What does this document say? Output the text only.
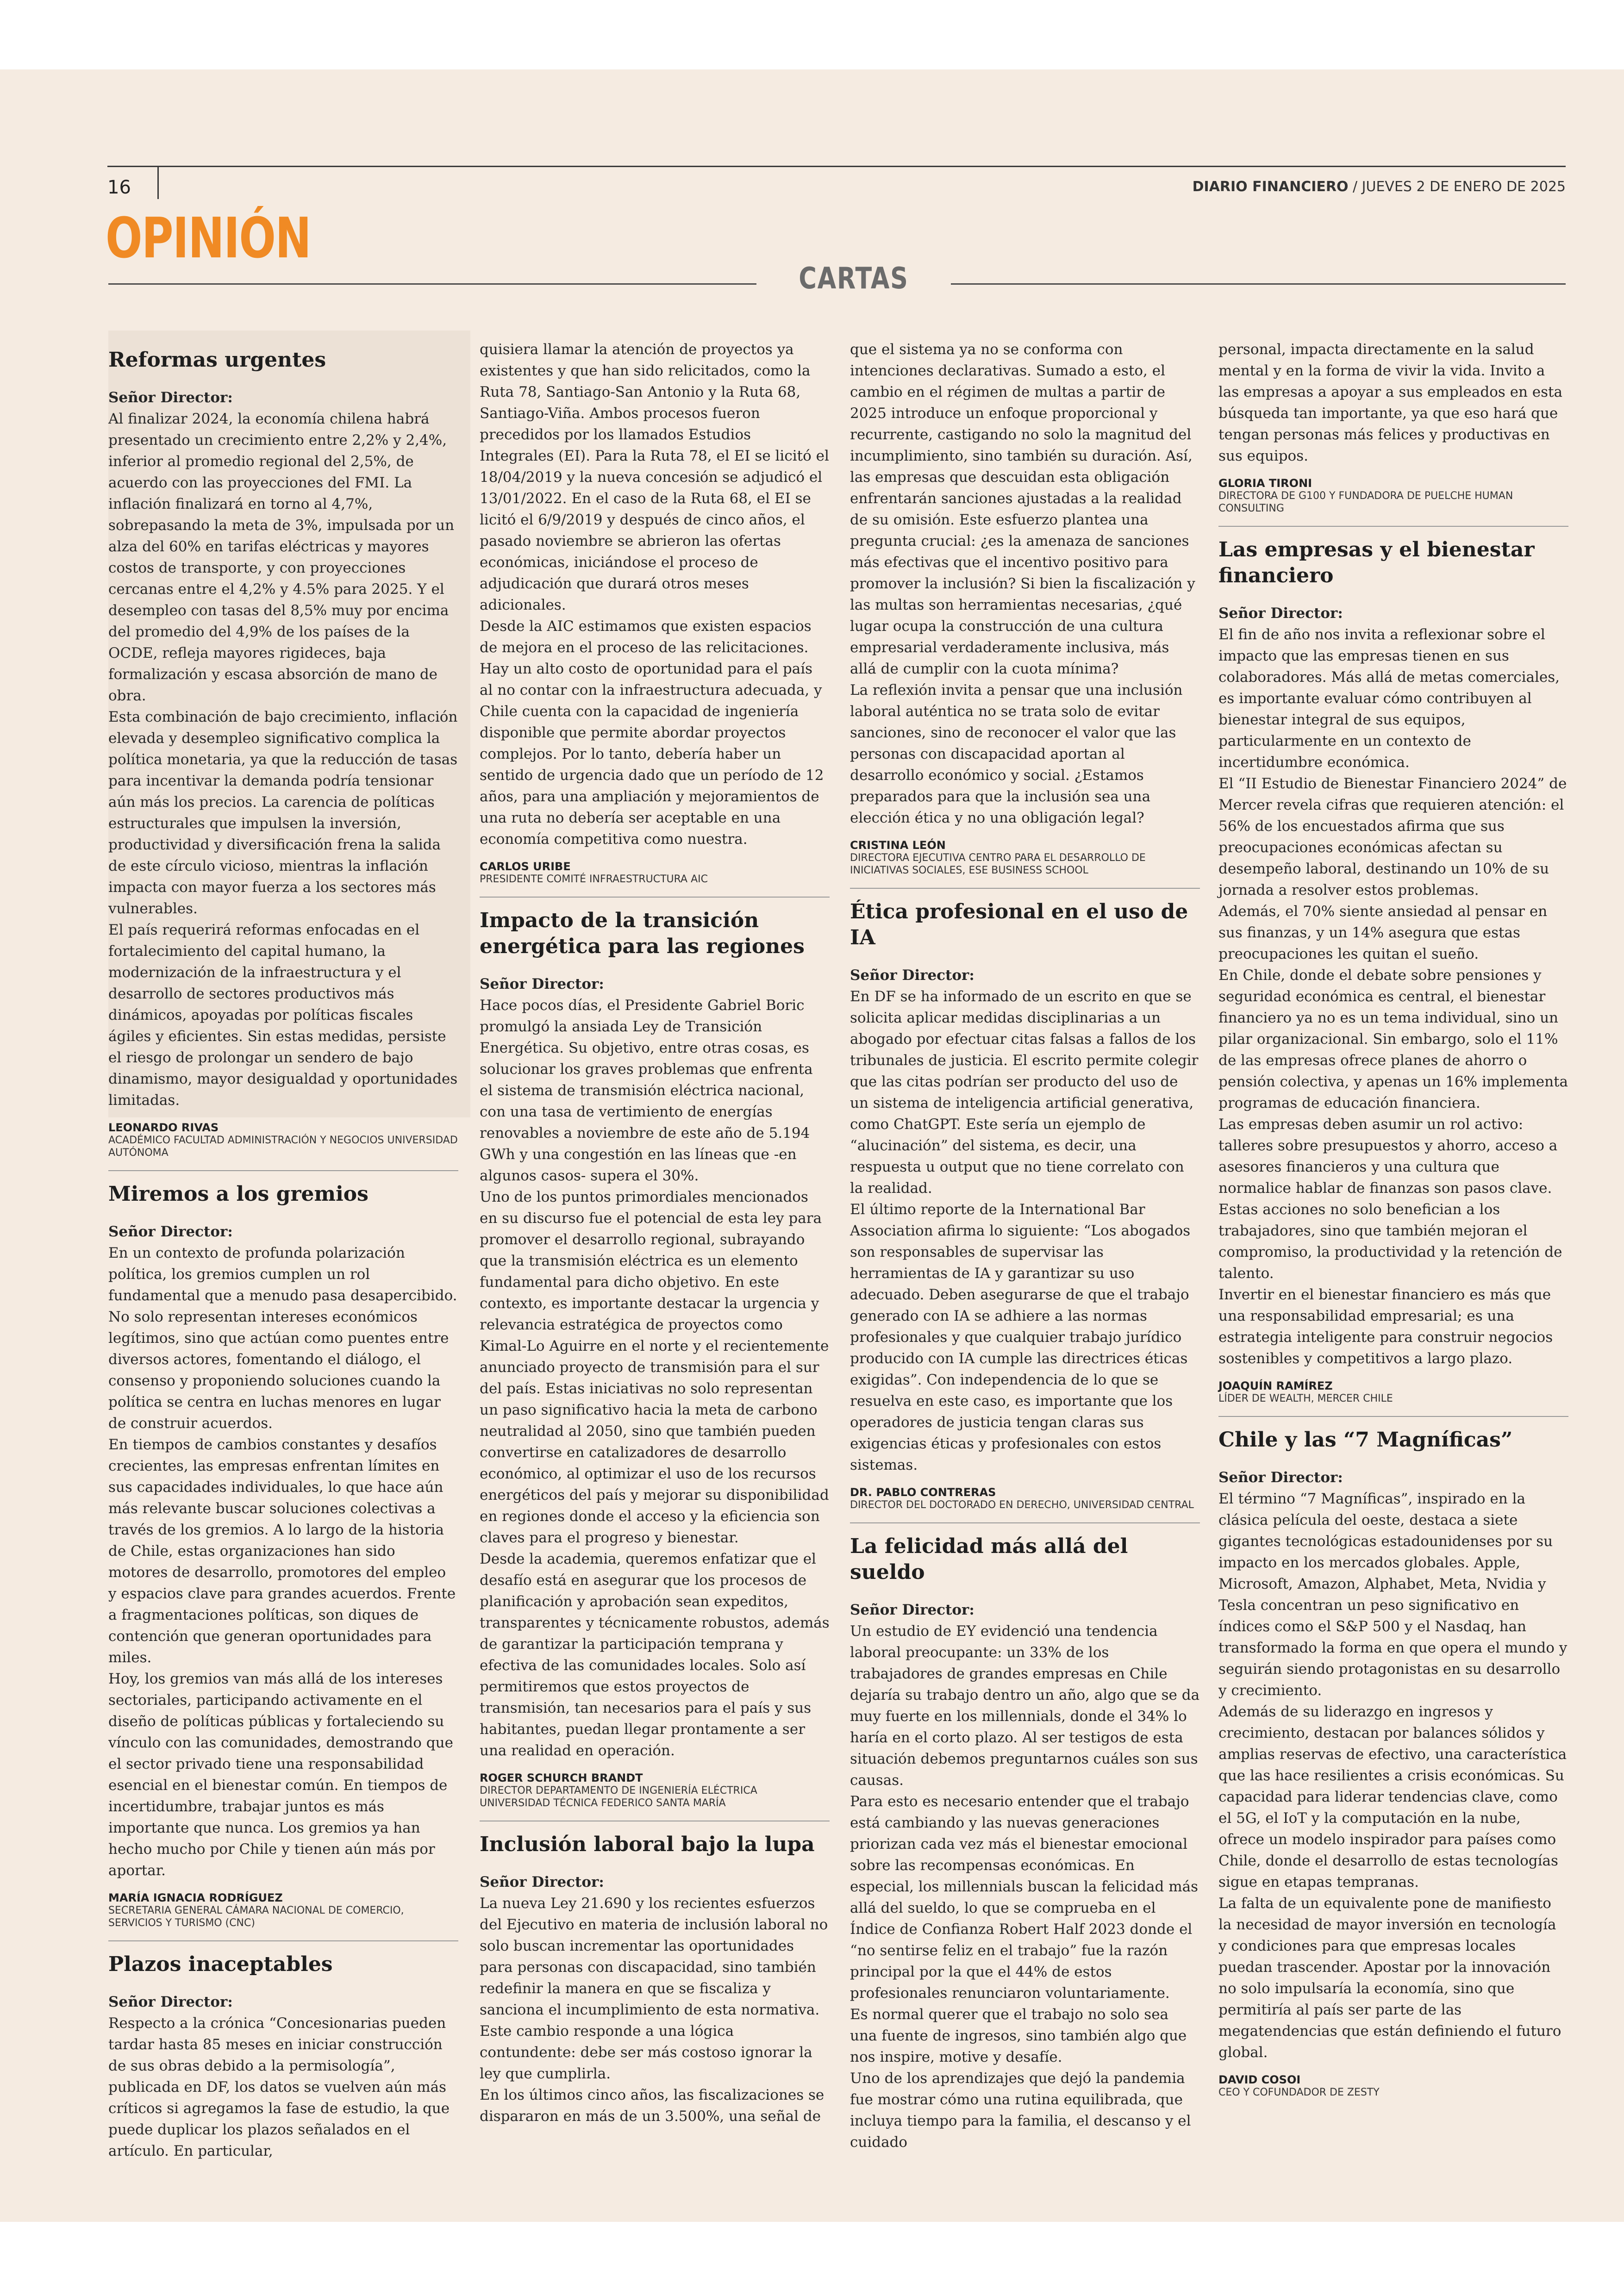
16	DIARIO FINANCIERO / JUEVES 2 DE ENERO DE 2025
OPINIÓN
CARTAS
Reformas urgentes
Señor Director:
Al finalizar 2024, la economía chilena habrá presentado un crecimiento entre 2,2% y 2,4%, inferior al promedio regional del 2,5%, de acuerdo con las proyecciones del FMI. La inflación finalizará en torno al 4,7%, sobrepasando la meta de 3%, impulsada por un alza del 60% en tarifas eléctricas y mayores costos de transporte, y con proyecciones cercanas entre el 4,2% y 4.5% para 2025. Y el desempleo con tasas del 8,5% muy por encima del promedio del 4,9% de los países de la OCDE, refleja mayores rigideces, baja formalización y escasa absorción de mano de obra.
Esta combinación de bajo crecimiento, inflación elevada y desempleo significativo complica la política monetaria, ya que la reducción de tasas para incentivar la demanda podría tensionar aún más los precios. La carencia de políticas estructurales que impulsen la inversión, productividad y diversificación frena la salida de este círculo vicioso, mientras la inflación impacta con mayor fuerza a los sectores más vulnerables.
El país requerirá reformas enfocadas en el fortalecimiento del capital humano, la modernización de la infraestructura y el desarrollo de sectores productivos más dinámicos, apoyadas por políticas fiscales ágiles y eficientes. Sin estas medidas, persiste el riesgo de prolongar un sendero de bajo dinamismo, mayor desigualdad y oportunidades limitadas.
LEONARDO RIVAS
ACADÉMICO FACULTAD ADMINISTRACIÓN Y NEGOCIOS UNIVERSIDAD AUTÓNOMA
Miremos a los gremios
Señor Director:
En un contexto de profunda polarización política, los gremios cumplen un rol fundamental que a menudo pasa desapercibido. No solo representan intereses económicos legítimos, sino que actúan como puentes entre diversos actores, fomentando el diálogo, el consenso y proponiendo soluciones cuando la política se centra en luchas menores en lugar de construir acuerdos.
En tiempos de cambios constantes y desafíos crecientes, las empresas enfrentan límites en sus capacidades individuales, lo que hace aún más relevante buscar soluciones colectivas a través de los gremios. A lo largo de la historia de Chile, estas organizaciones han sido motores de desarrollo, promotores del empleo y espacios clave para grandes acuerdos. Frente a fragmentaciones políticas, son diques de contención que generan oportunidades para miles.
Hoy, los gremios van más allá de los intereses sectoriales, participando activamente en el diseño de políticas públicas y fortaleciendo su vínculo con las comunidades, demostrando que el sector privado tiene una responsabilidad esencial en el bienestar común. En tiempos de incertidumbre, trabajar juntos es más importante que nunca. Los gremios ya han hecho mucho por Chile y tienen aún más por aportar.
MARÍA IGNACIA RODRÍGUEZ
SECRETARIA GENERAL CÁMARA NACIONAL DE COMERCIO, SERVICIOS Y TURISMO (CNC)
Plazos inaceptables
Señor Director:
Respecto a la crónica “Concesionarias pueden tardar hasta 85 meses en iniciar construcción de sus obras debido a la permisología”, publicada en DF, los datos se vuelven aún más críticos si agregamos la fase de estudio, la que puede duplicar los plazos señalados en el artículo. En particular,
quisiera llamar la atención de proyectos ya existentes y que han sido relicitados, como la Ruta 78, Santiago-San Antonio y la Ruta 68, Santiago-Viña. Ambos procesos fueron precedidos por los llamados Estudios Integrales (EI). Para la Ruta 78, el EI se licitó el 18/04/2019 y la nueva concesión se adjudicó el 13/01/2022. En el caso de la Ruta 68, el EI se licitó el 6/9/2019 y después de cinco años, el pasado noviembre se abrieron las ofertas económicas, iniciándose el proceso de adjudicación que durará otros meses adicionales.
Desde la AIC estimamos que existen espacios de mejora en el proceso de las relicitaciones. Hay un alto costo de oportunidad para el país al no contar con la infraestructura adecuada, y Chile cuenta con la capacidad de ingeniería disponible que permite abordar proyectos complejos. Por lo tanto, debería haber un sentido de urgencia dado que un período de 12 años, para una ampliación y mejoramientos de una ruta no debería ser aceptable en una economía competitiva como nuestra.
CARLOS URIBE
PRESIDENTE COMITÉ INFRAESTRUCTURA AIC
Impacto de la transición energética para las regiones
Señor Director:
Hace pocos días, el Presidente Gabriel Boric promulgó la ansiada Ley de Transición Energética. Su objetivo, entre otras cosas, es solucionar los graves problemas que enfrenta el sistema de transmisión eléctrica nacional, con una tasa de vertimiento de energías renovables a noviembre de este año de 5.194 GWh y una congestión en las líneas que -en algunos casos- supera el 30%.
Uno de los puntos primordiales mencionados en su discurso fue el potencial de esta ley para promover el desarrollo regional, subrayando que la transmisión eléctrica es un elemento fundamental para dicho objetivo. En este contexto, es importante destacar la urgencia y relevancia estratégica de proyectos como Kimal-Lo Aguirre en el norte y el recientemente anunciado proyecto de transmisión para el sur del país. Estas iniciativas no solo representan un paso significativo hacia la meta de carbono neutralidad al 2050, sino que también pueden convertirse en catalizadores de desarrollo económico, al optimizar el uso de los recursos energéticos del país y mejorar su disponibilidad en regiones donde el acceso y la eficiencia son claves para el progreso y bienestar.
Desde la academia, queremos enfatizar que el desafío está en asegurar que los procesos de planificación y aprobación sean expeditos, transparentes y técnicamente robustos, además de garantizar la participación temprana y efectiva de las comunidades locales. Solo así permitiremos que estos proyectos de transmisión, tan necesarios para el país y sus habitantes, puedan llegar prontamente a ser una realidad en operación.
ROGER SCHURCH BRANDT
DIRECTOR DEPARTAMENTO DE INGENIERÍA ELÉCTRICA UNIVERSIDAD TÉCNICA FEDERICO SANTA MARÍA
Inclusión laboral bajo la lupa
Señor Director:
La nueva Ley 21.690 y los recientes esfuerzos del Ejecutivo en materia de inclusión laboral no solo buscan incrementar las oportunidades para personas con discapacidad, sino también redefinir la manera en que se fiscaliza y sanciona el incumplimiento de esta normativa. Este cambio responde a una lógica contundente: debe ser más costoso ignorar la ley que cumplirla.
En los últimos cinco años, las fiscalizaciones se dispararon en más de un 3.500%, una señal de
que el sistema ya no se conforma con intenciones declarativas. Sumado a esto, el cambio en el régimen de multas a partir de 2025 introduce un enfoque proporcional y recurrente, castigando no solo la magnitud del incumplimiento, sino también su duración. Así, las empresas que descuidan esta obligación enfrentarán sanciones ajustadas a la realidad de su omisión. Este esfuerzo plantea una pregunta crucial: ¿es la amenaza de sanciones más efectivas que el incentivo positivo para promover la inclusión? Si bien la fiscalización y las multas son herramientas necesarias, ¿qué lugar ocupa la construcción de una cultura empresarial verdaderamente inclusiva, más allá de cumplir con la cuota mínima?
La reflexión invita a pensar que una inclusión laboral auténtica no se trata solo de evitar sanciones, sino de reconocer el valor que las personas con discapacidad aportan al desarrollo económico y social. ¿Estamos preparados para que la inclusión sea una elección ética y no una obligación legal?
CRISTINA LEÓN
DIRECTORA EJECUTIVA CENTRO PARA EL DESARROLLO DE INICIATIVAS SOCIALES, ESE BUSINESS SCHOOL
Ética profesional en el uso de IA
Señor Director:
En DF se ha informado de un escrito en que se solicita aplicar medidas disciplinarias a un abogado por efectuar citas falsas a fallos de los tribunales de justicia. El escrito permite colegir que las citas podrían ser producto del uso de un sistema de inteligencia artificial generativa, como ChatGPT. Este sería un ejemplo de “alucinación” del sistema, es decir, una respuesta u output que no tiene correlato con la realidad.
El último reporte de la International Bar Association afirma lo siguiente: “Los abogados son responsables de supervisar las herramientas de IA y garantizar su uso adecuado. Deben asegurarse de que el trabajo generado con IA se adhiere a las normas profesionales y que cualquier trabajo jurídico producido con IA cumple las directrices éticas exigidas”. Con independencia de lo que se resuelva en este caso, es importante que los operadores de justicia tengan claras sus exigencias éticas y profesionales con estos sistemas.
DR. PABLO CONTRERAS
DIRECTOR DEL DOCTORADO EN DERECHO, UNIVERSIDAD CENTRAL
La felicidad más allá del sueldo
Señor Director:
Un estudio de EY evidenció una tendencia laboral preocupante: un 33% de los trabajadores de grandes empresas en Chile dejaría su trabajo dentro un año, algo que se da muy fuerte en los millennials, donde el 34% lo haría en el corto plazo. Al ser testigos de esta situación debemos preguntarnos cuáles son sus causas.
Para esto es necesario entender que el trabajo está cambiando y las nuevas generaciones priorizan cada vez más el bienestar emocional sobre las recompensas económicas. En especial, los millennials buscan la felicidad más allá del sueldo, lo que se comprueba en el Índice de Confianza Robert Half 2023 donde el “no sentirse feliz en el trabajo” fue la razón principal por la que el 44% de estos profesionales renunciaron voluntariamente.
Es normal querer que el trabajo no solo sea una fuente de ingresos, sino también algo que nos inspire, motive y desafíe.
Uno de los aprendizajes que dejó la pandemia fue mostrar cómo una rutina equilibrada, que incluya tiempo para la familia, el descanso y el cuidado
personal, impacta directamente en la salud mental y en la forma de vivir la vida. Invito a las empresas a apoyar a sus empleados en esta búsqueda tan importante, ya que eso hará que tengan personas más felices y productivas en sus equipos.
GLORIA TIRONI
DIRECTORA DE G100 Y FUNDADORA DE PUELCHE HUMAN CONSULTING
Las empresas y el bienestar financiero
Señor Director:
El fin de año nos invita a reflexionar sobre el impacto que las empresas tienen en sus colaboradores. Más allá de metas comerciales, es importante evaluar cómo contribuyen al bienestar integral de sus equipos, particularmente en un contexto de incertidumbre económica.
El “II Estudio de Bienestar Financiero 2024” de Mercer revela cifras que requieren atención: el 56% de los encuestados afirma que sus preocupaciones económicas afectan su desempeño laboral, destinando un 10% de su jornada a resolver estos problemas.
Además, el 70% siente ansiedad al pensar en sus finanzas, y un 14% asegura que estas preocupaciones les quitan el sueño.
En Chile, donde el debate sobre pensiones y seguridad económica es central, el bienestar financiero ya no es un tema individual, sino un pilar organizacional. Sin embargo, solo el 11% de las empresas ofrece planes de ahorro o pensión colectiva, y apenas un 16% implementa programas de educación financiera.
Las empresas deben asumir un rol activo: talleres sobre presupuestos y ahorro, acceso a asesores financieros y una cultura que normalice hablar de finanzas son pasos clave. Estas acciones no solo benefician a los trabajadores, sino que también mejoran el compromiso, la productividad y la retención de talento.
Invertir en el bienestar financiero es más que una responsabilidad empresarial; es una estrategia inteligente para construir negocios sostenibles y competitivos a largo plazo.
JOAQUÍN RAMÍREZ
LÍDER DE WEALTH, MERCER CHILE
Chile y las “7 Magníficas”
Señor Director:
El término “7 Magníficas”, inspirado en la clásica película del oeste, destaca a siete gigantes tecnológicas estadounidenses por su impacto en los mercados globales. Apple, Microsoft, Amazon, Alphabet, Meta, Nvidia y Tesla concentran un peso significativo en índices como el S&P 500 y el Nasdaq, han transformado la forma en que opera el mundo y seguirán siendo protagonistas en su desarrollo y crecimiento.
Además de su liderazgo en ingresos y crecimiento, destacan por balances sólidos y amplias reservas de efectivo, una característica que las hace resilientes a crisis económicas. Su capacidad para liderar tendencias clave, como el 5G, el IoT y la computación en la nube, ofrece un modelo inspirador para países como Chile, donde el desarrollo de estas tecnologías sigue en etapas tempranas.
La falta de un equivalente pone de manifiesto la necesidad de mayor inversión en tecnología y condiciones para que empresas locales puedan trascender. Apostar por la innovación no solo impulsaría la economía, sino que permitiría al país ser parte de las megatendencias que están definiendo el futuro global.
DAVID COSOI
CEO Y COFUNDADOR DE ZESTY
